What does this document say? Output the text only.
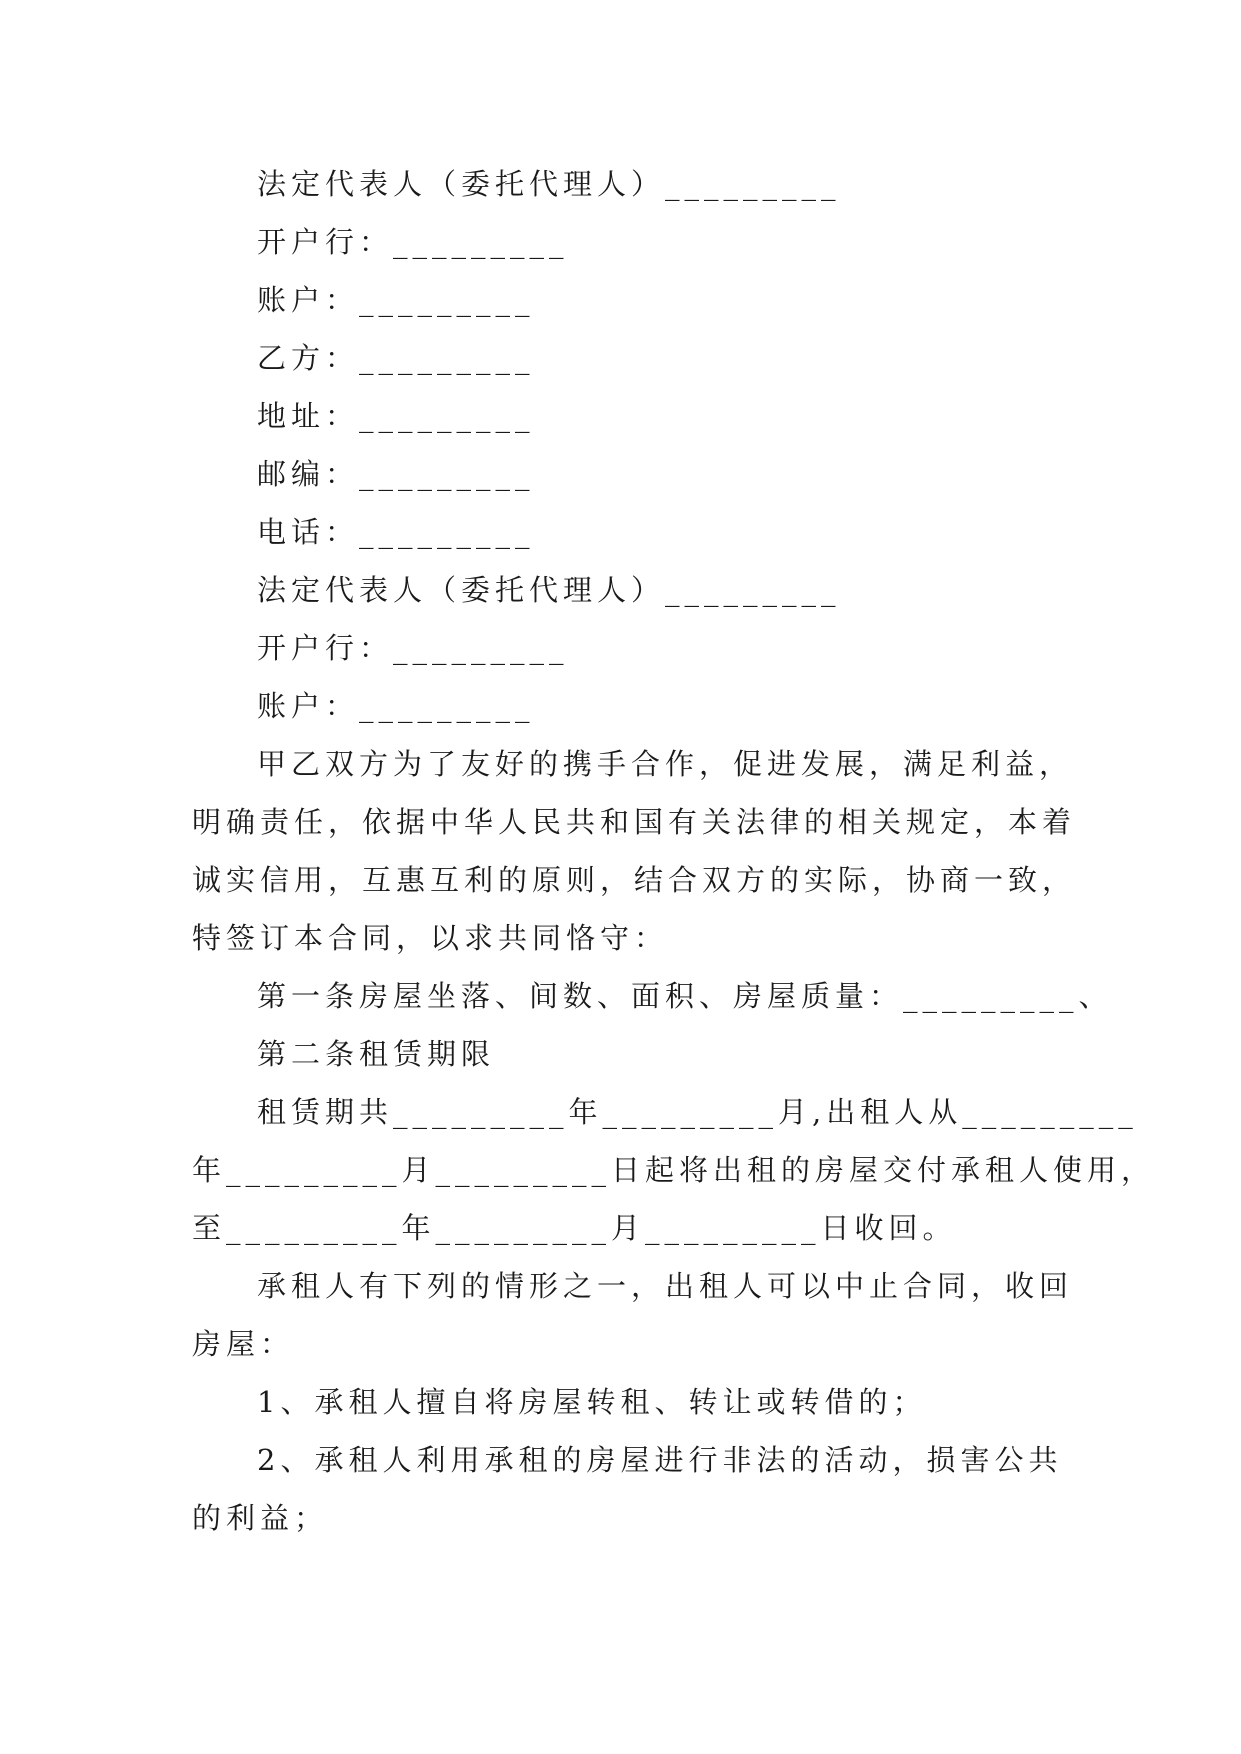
法定代表人（委托代理人）_________
开户行：_________
账户：_________
乙方：_________
地址：_________
邮编：_________
电话：_________
法定代表人（委托代理人）_________
开户行：_________
账户：_________
甲乙双方为了友好的携手合作，促进发展，满足利益，
明确责任，依据中华人民共和国有关法律的相关规定，本着
诚实信用，互惠互利的原则，结合双方的实际，协商一致，
特签订本合同，以求共同恪守：
第一条房屋坐落、间数、面积、房屋质量：_________、
第二条租赁期限
租赁期共_________年_________月,出租人从_________
年_________月_________日起将出租的房屋交付承租人使用，
至_________年_________月_________日收回。
承租人有下列的情形之一，出租人可以中止合同，收回
房屋：
1、承租人擅自将房屋转租、转让或转借的；
2、承租人利用承租的房屋进行非法的活动，损害公共
的利益；
